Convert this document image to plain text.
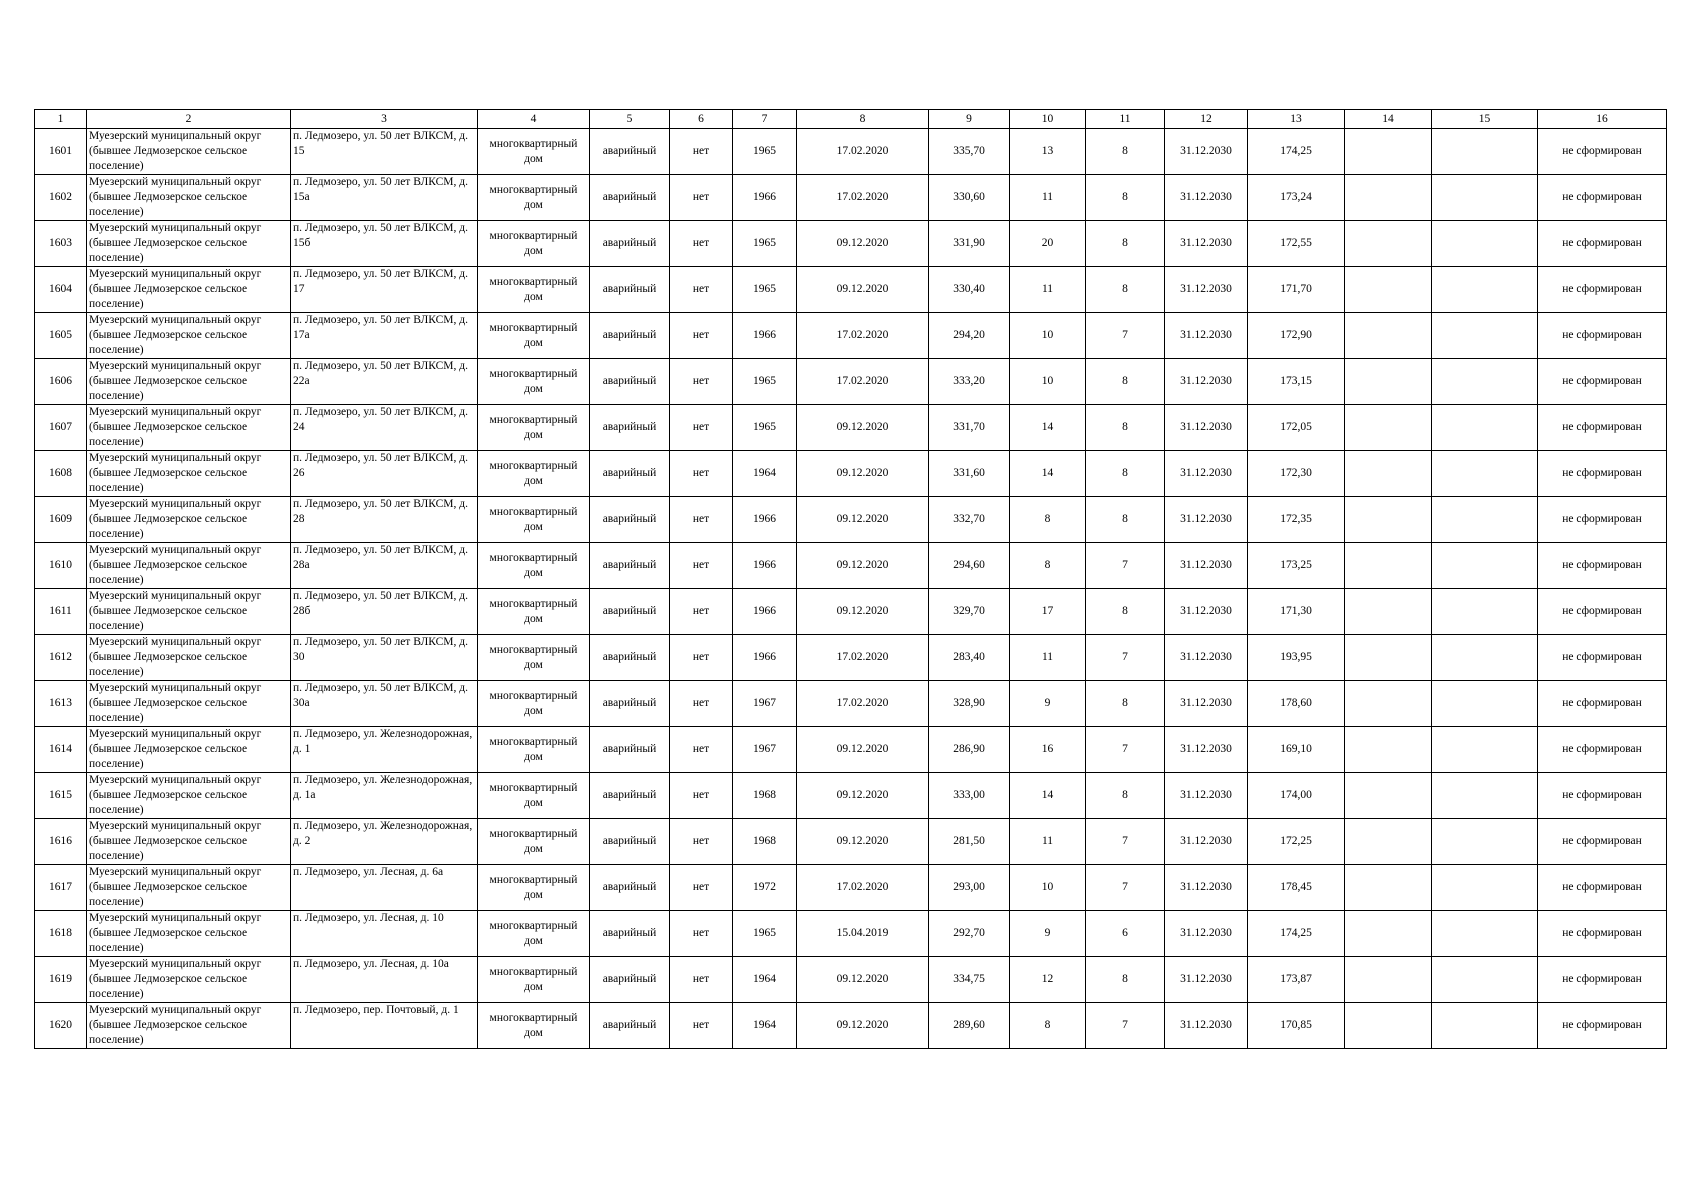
1	2	3	4	5	6	7	8	9	10	11	12	13	14	15	16
1601	Муезерский муниципальный округ (бывшее Ледмозерское сельское поселение)	п. Ледмозеро, ул. 50 лет ВЛКСМ, д. 15	многоквартирный дом	аварийный	нет	1965	17.02.2020	335,70	13	8	31.12.2030	174,25			не сформирован
1602	Муезерский муниципальный округ (бывшее Ледмозерское сельское поселение)	п. Ледмозеро, ул. 50 лет ВЛКСМ, д. 15а	многоквартирный дом	аварийный	нет	1966	17.02.2020	330,60	11	8	31.12.2030	173,24			не сформирован
1603	Муезерский муниципальный округ (бывшее Ледмозерское сельское поселение)	п. Ледмозеро, ул. 50 лет ВЛКСМ, д. 15б	многоквартирный дом	аварийный	нет	1965	09.12.2020	331,90	20	8	31.12.2030	172,55			не сформирован
1604	Муезерский муниципальный округ (бывшее Ледмозерское сельское поселение)	п. Ледмозеро, ул. 50 лет ВЛКСМ, д. 17	многоквартирный дом	аварийный	нет	1965	09.12.2020	330,40	11	8	31.12.2030	171,70			не сформирован
1605	Муезерский муниципальный округ (бывшее Ледмозерское сельское поселение)	п. Ледмозеро, ул. 50 лет ВЛКСМ, д. 17а	многоквартирный дом	аварийный	нет	1966	17.02.2020	294,20	10	7	31.12.2030	172,90			не сформирован
1606	Муезерский муниципальный округ (бывшее Ледмозерское сельское поселение)	п. Ледмозеро, ул. 50 лет ВЛКСМ, д. 22а	многоквартирный дом	аварийный	нет	1965	17.02.2020	333,20	10	8	31.12.2030	173,15			не сформирован
1607	Муезерский муниципальный округ (бывшее Ледмозерское сельское поселение)	п. Ледмозеро, ул. 50 лет ВЛКСМ, д. 24	многоквартирный дом	аварийный	нет	1965	09.12.2020	331,70	14	8	31.12.2030	172,05			не сформирован
1608	Муезерский муниципальный округ (бывшее Ледмозерское сельское поселение)	п. Ледмозеро, ул. 50 лет ВЛКСМ, д. 26	многоквартирный дом	аварийный	нет	1964	09.12.2020	331,60	14	8	31.12.2030	172,30			не сформирован
1609	Муезерский муниципальный округ (бывшее Ледмозерское сельское поселение)	п. Ледмозеро, ул. 50 лет ВЛКСМ, д. 28	многоквартирный дом	аварийный	нет	1966	09.12.2020	332,70	8	8	31.12.2030	172,35			не сформирован
1610	Муезерский муниципальный округ (бывшее Ледмозерское сельское поселение)	п. Ледмозеро, ул. 50 лет ВЛКСМ, д. 28а	многоквартирный дом	аварийный	нет	1966	09.12.2020	294,60	8	7	31.12.2030	173,25			не сформирован
1611	Муезерский муниципальный округ (бывшее Ледмозерское сельское поселение)	п. Ледмозеро, ул. 50 лет ВЛКСМ, д. 28б	многоквартирный дом	аварийный	нет	1966	09.12.2020	329,70	17	8	31.12.2030	171,30			не сформирован
1612	Муезерский муниципальный округ (бывшее Ледмозерское сельское поселение)	п. Ледмозеро, ул. 50 лет ВЛКСМ, д. 30	многоквартирный дом	аварийный	нет	1966	17.02.2020	283,40	11	7	31.12.2030	193,95			не сформирован
1613	Муезерский муниципальный округ (бывшее Ледмозерское сельское поселение)	п. Ледмозеро, ул. 50 лет ВЛКСМ, д. 30а	многоквартирный дом	аварийный	нет	1967	17.02.2020	328,90	9	8	31.12.2030	178,60			не сформирован
1614	Муезерский муниципальный округ (бывшее Ледмозерское сельское поселение)	п. Ледмозеро, ул. Железнодорожная, д. 1	многоквартирный дом	аварийный	нет	1967	09.12.2020	286,90	16	7	31.12.2030	169,10			не сформирован
1615	Муезерский муниципальный округ (бывшее Ледмозерское сельское поселение)	п. Ледмозеро, ул. Железнодорожная, д. 1а	многоквартирный дом	аварийный	нет	1968	09.12.2020	333,00	14	8	31.12.2030	174,00			не сформирован
1616	Муезерский муниципальный округ (бывшее Ледмозерское сельское поселение)	п. Ледмозеро, ул. Железнодорожная, д. 2	многоквартирный дом	аварийный	нет	1968	09.12.2020	281,50	11	7	31.12.2030	172,25			не сформирован
1617	Муезерский муниципальный округ (бывшее Ледмозерское сельское поселение)	п. Ледмозеро, ул. Лесная, д. 6а	многоквартирный дом	аварийный	нет	1972	17.02.2020	293,00	10	7	31.12.2030	178,45			не сформирован
1618	Муезерский муниципальный округ (бывшее Ледмозерское сельское поселение)	п. Ледмозеро, ул. Лесная, д. 10	многоквартирный дом	аварийный	нет	1965	15.04.2019	292,70	9	6	31.12.2030	174,25			не сформирован
1619	Муезерский муниципальный округ (бывшее Ледмозерское сельское поселение)	п. Ледмозеро, ул. Лесная, д. 10а	многоквартирный дом	аварийный	нет	1964	09.12.2020	334,75	12	8	31.12.2030	173,87			не сформирован
1620	Муезерский муниципальный округ (бывшее Ледмозерское сельское поселение)	п. Ледмозеро, пер. Почтовый, д. 1	многоквартирный дом	аварийный	нет	1964	09.12.2020	289,60	8	7	31.12.2030	170,85			не сформирован
